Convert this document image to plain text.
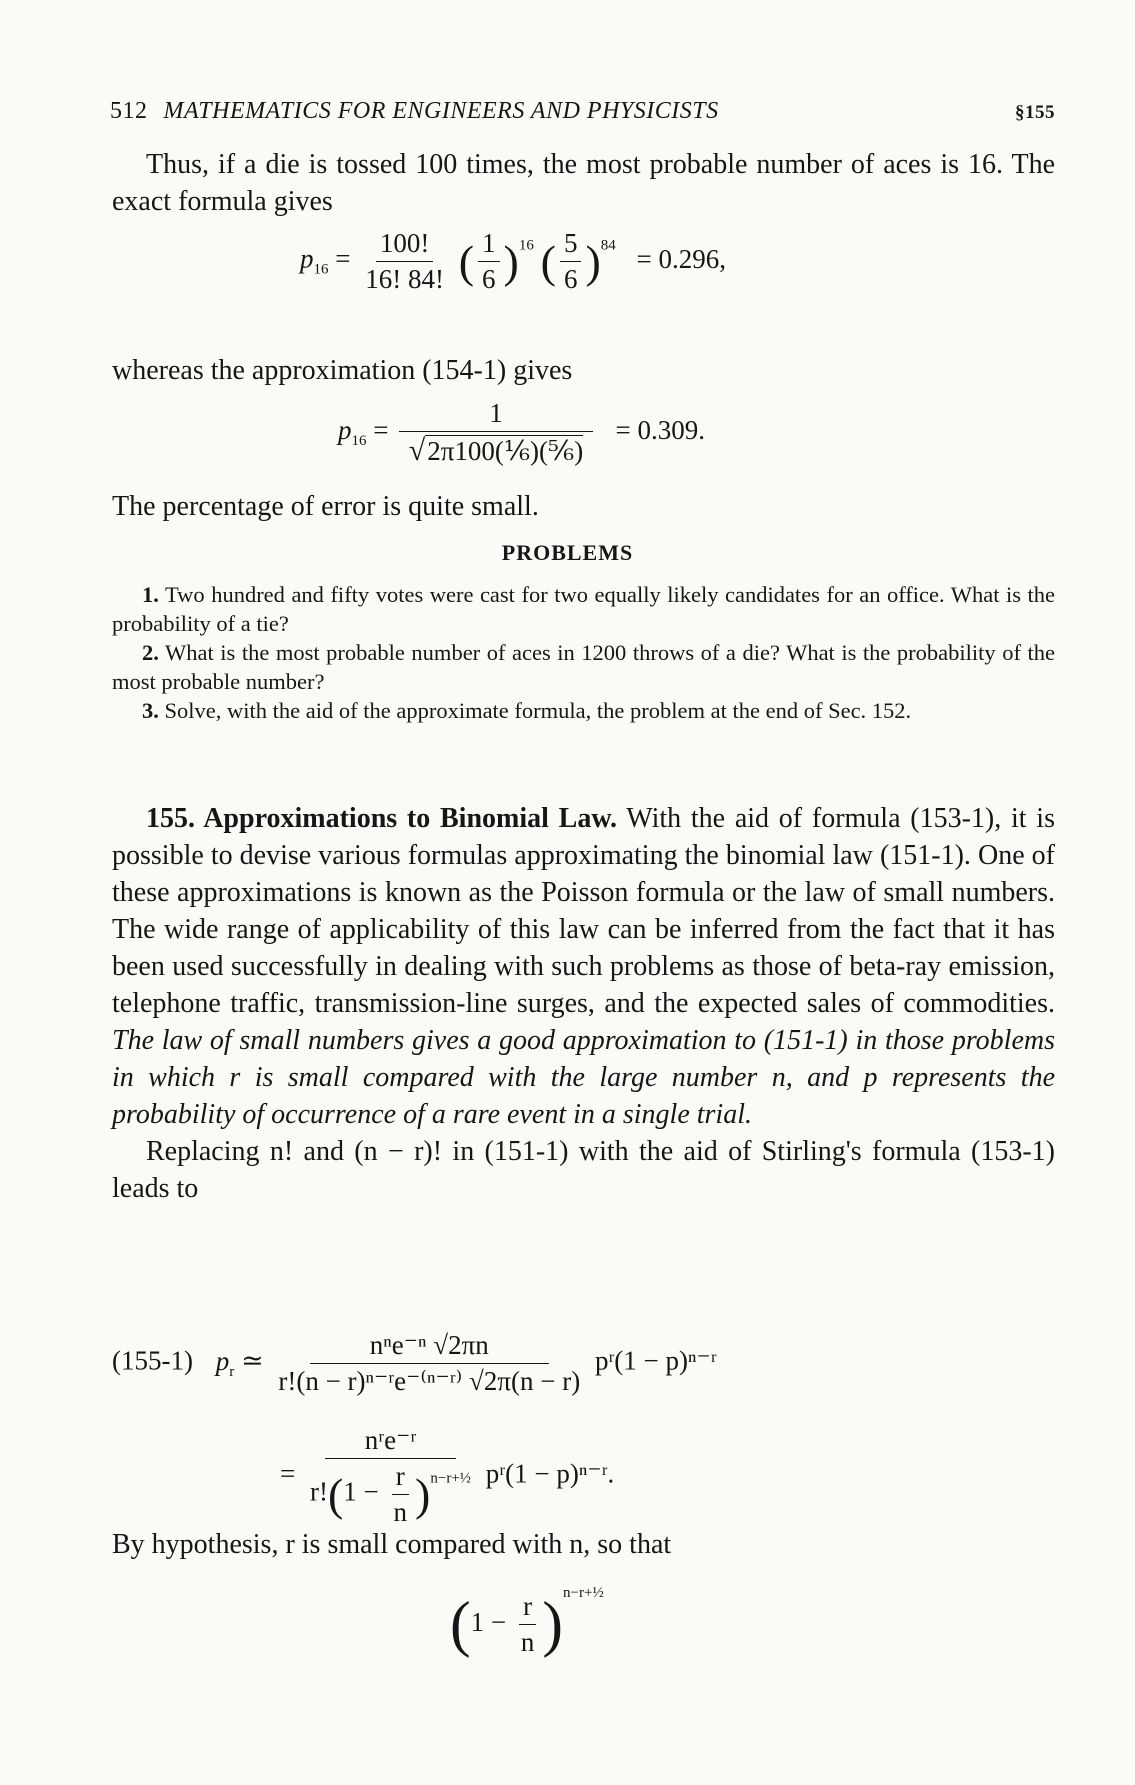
512 MATHEMATICS FOR ENGINEERS AND PHYSICISTS	§155

Thus, if a die is tossed 100 times, the most probable number of aces is 16. The exact formula gives

$p_{16} = \frac{100!}{16! 84!}$ ( $\frac{1}{6} )^{16}$ ( $\frac{5}{6} )^{84} = 0.296$,

whereas the approximation (154-1) gives

$p_{16} = \frac{1}{\text{√2π100(⅙)(⅚)}} = 0.309$.

The percentage of error is quite small.

PROBLEMS

1. Two hundred and fifty votes were cast for two equally likely candidates for an office. What is the probability of a tie?

2. What is the most probable number of aces in 1200 throws of a die? What is the probability of the most probable number?

3. Solve, with the aid of the approximate formula, the problem at the end of Sec. 152.

155. Approximations to Binomial Law. With the aid of formula (153-1), it is possible to devise various formulas approximating the binomial law (151-1). One of these approximations is known as the Poisson formula or the law of small numbers. The wide range of applicability of this law can be inferred from the fact that it has been used successfully in dealing with such problems as those of beta-ray emission, telephone traffic, transmission-line surges, and the expected sales of commodities. The law of small numbers gives a good approximation to (151-1) in those problems in which r is small compared with the large number n, and p represents the probability of occurrence of a rare event in a single trial.

Replacing n! and (n − r)! in (151-1) with the aid of Stirling's formula (153-1) leads to

(155-1) $p_r$ ≃ $\frac{\text{nⁿe⁻ⁿ √2πn}}{\text{r!(n − r)ⁿ⁻ʳe⁻⁽ⁿ⁻ʳ⁾ √2π(n − r)}}$ pʳ(1 − p)ⁿ⁻ʳ
= $\frac{\text{nʳe⁻ʳ}}{r!(1 - \frac{r}{n} )^{n-r+\frac{1}{2}}}$ pʳ(1 − p)ⁿ⁻ʳ.

By hypothesis, r is small compared with n, so that

$(1 - \frac{r}{n} )^{n-r+\frac{1}{2}}$
